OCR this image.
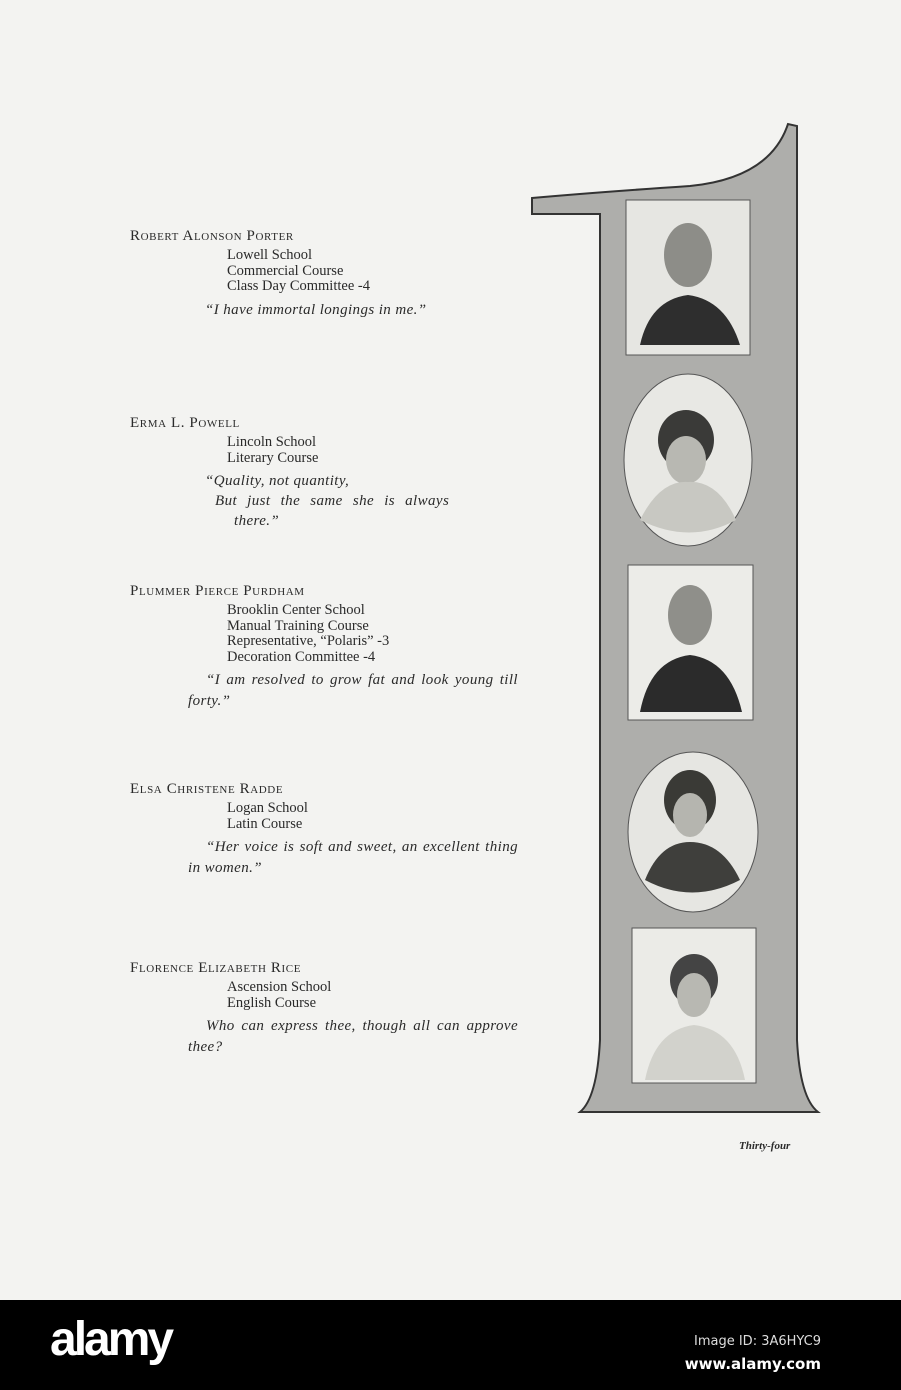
Robert Alonson Porter
Lowell School
Commercial Course
Class Day Committee -4
“I have immortal longings in me.”
Erma L. Powell
Lincoln School
Literary Course
“Quality, not quantity,
But just the same she is always
there.”
Plummer Pierce Purdham
Brooklin Center School
Manual Training Course
Representative, “Polaris” -3
Decoration Committee -4
“I am resolved to grow fat and look young till forty.”
Elsa Christene Radde
Logan School
Latin Course
“Her voice is soft and sweet, an excellent thing in women.”
Florence Elizabeth Rice
Ascension School
English Course
Who can express thee, though all can approve thee?
Thirty-four
alamy	Image ID: 3A6HYC9
www.alamy.com
